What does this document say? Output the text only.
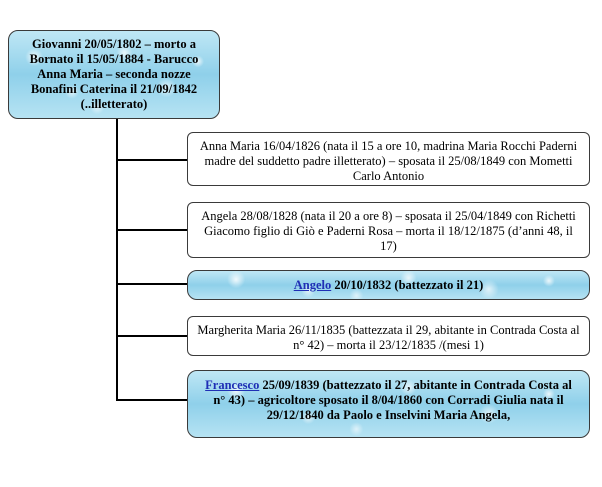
Giovanni 20/05/1802 – morto a Bornato il 15/05/1884 - Barucco Anna Maria – seconda nozze Bonafini Caterina il 21/09/1842 (..illetterato)
Anna Maria 16/04/1826 (nata il 15 a ore 10, madrina Maria Rocchi Paderni madre del suddetto padre illetterato) – sposata il 25/08/1849 con Mometti Carlo Antonio
Angela 28/08/1828 (nata il 20 a ore 8) – sposata il 25/04/1849 con Richetti Giacomo figlio di Giò e Paderni Rosa – morta il 18/12/1875 (d’anni 48, il 17)
Angelo 20/10/1832 (battezzato il 21)
Margherita Maria 26/11/1835 (battezzata il 29, abitante in Contrada Costa al n° 42) – morta il 23/12/1835 /(mesi 1)
Francesco 25/09/1839 (battezzato il 27, abitante in Contrada Costa al n° 43) – agricoltore sposato il 8/04/1860 con Corradi Giulia nata il 29/12/1840 da Paolo e Inselvini Maria Angela,
